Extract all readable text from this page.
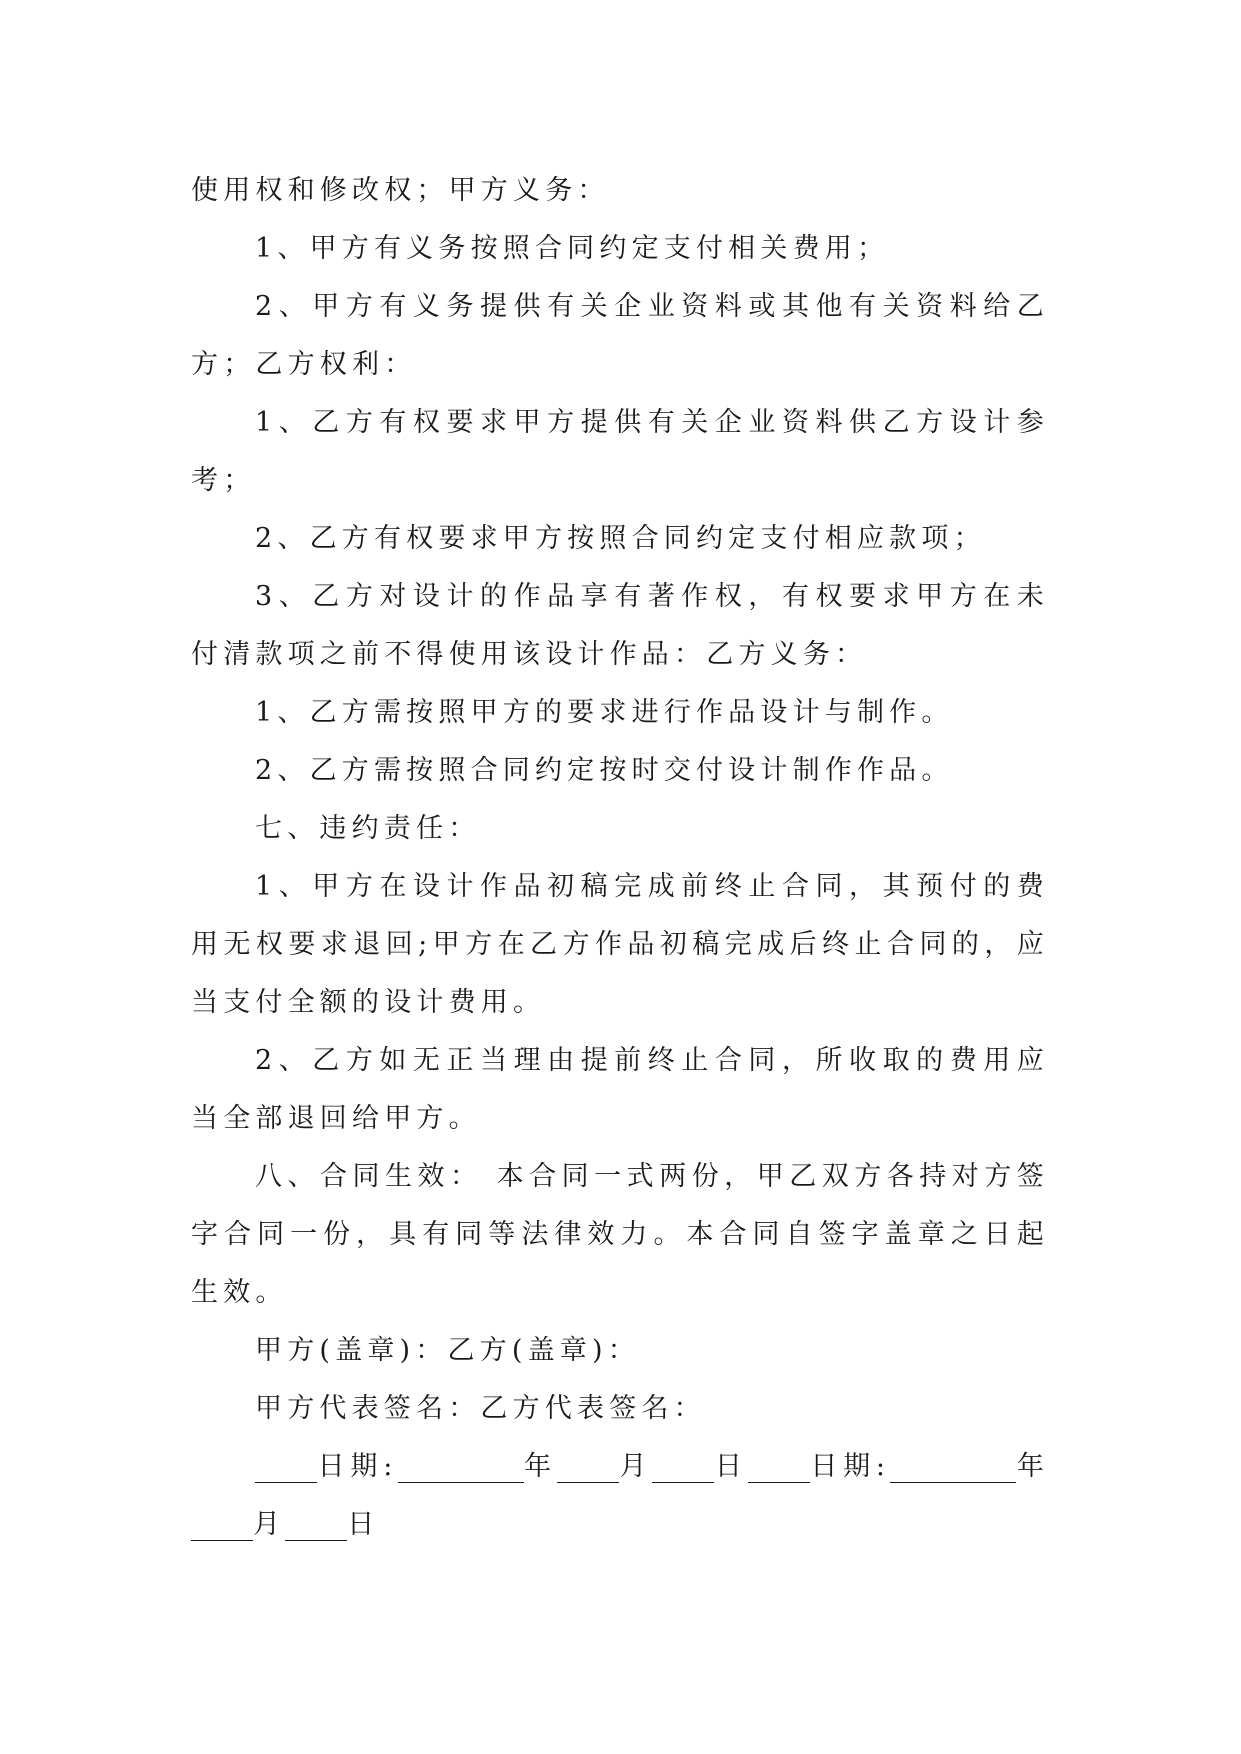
使用权和修改权；甲方义务：

1、甲方有义务按照合同约定支付相关费用；

2、甲方有义务提供有关企业资料或其他有关资料给乙方；乙方权利：

1、乙方有权要求甲方提供有关企业资料供乙方设计参考；

2、乙方有权要求甲方按照合同约定支付相应款项；

3、乙方对设计的作品享有著作权，有权要求甲方在未付清款项之前不得使用该设计作品：乙方义务：

1、乙方需按照甲方的要求进行作品设计与制作。

2、乙方需按照合同约定按时交付设计制作作品。

七、违约责任：

1、甲方在设计作品初稿完成前终止合同，其预付的费用无权要求退回;甲方在乙方作品初稿完成后终止合同的，应当支付全额的设计费用。

2、乙方如无正当理由提前终止合同，所收取的费用应当全部退回给甲方。

八、合同生效： 本合同一式两份，甲乙双方各持对方签字合同一份，具有同等法律效力。本合同自签字盖章之日起生效。

甲方(盖章)：乙方(盖章)：

甲方代表签名：乙方代表签名：

日期:	年 月 日 日期:	年月 日
